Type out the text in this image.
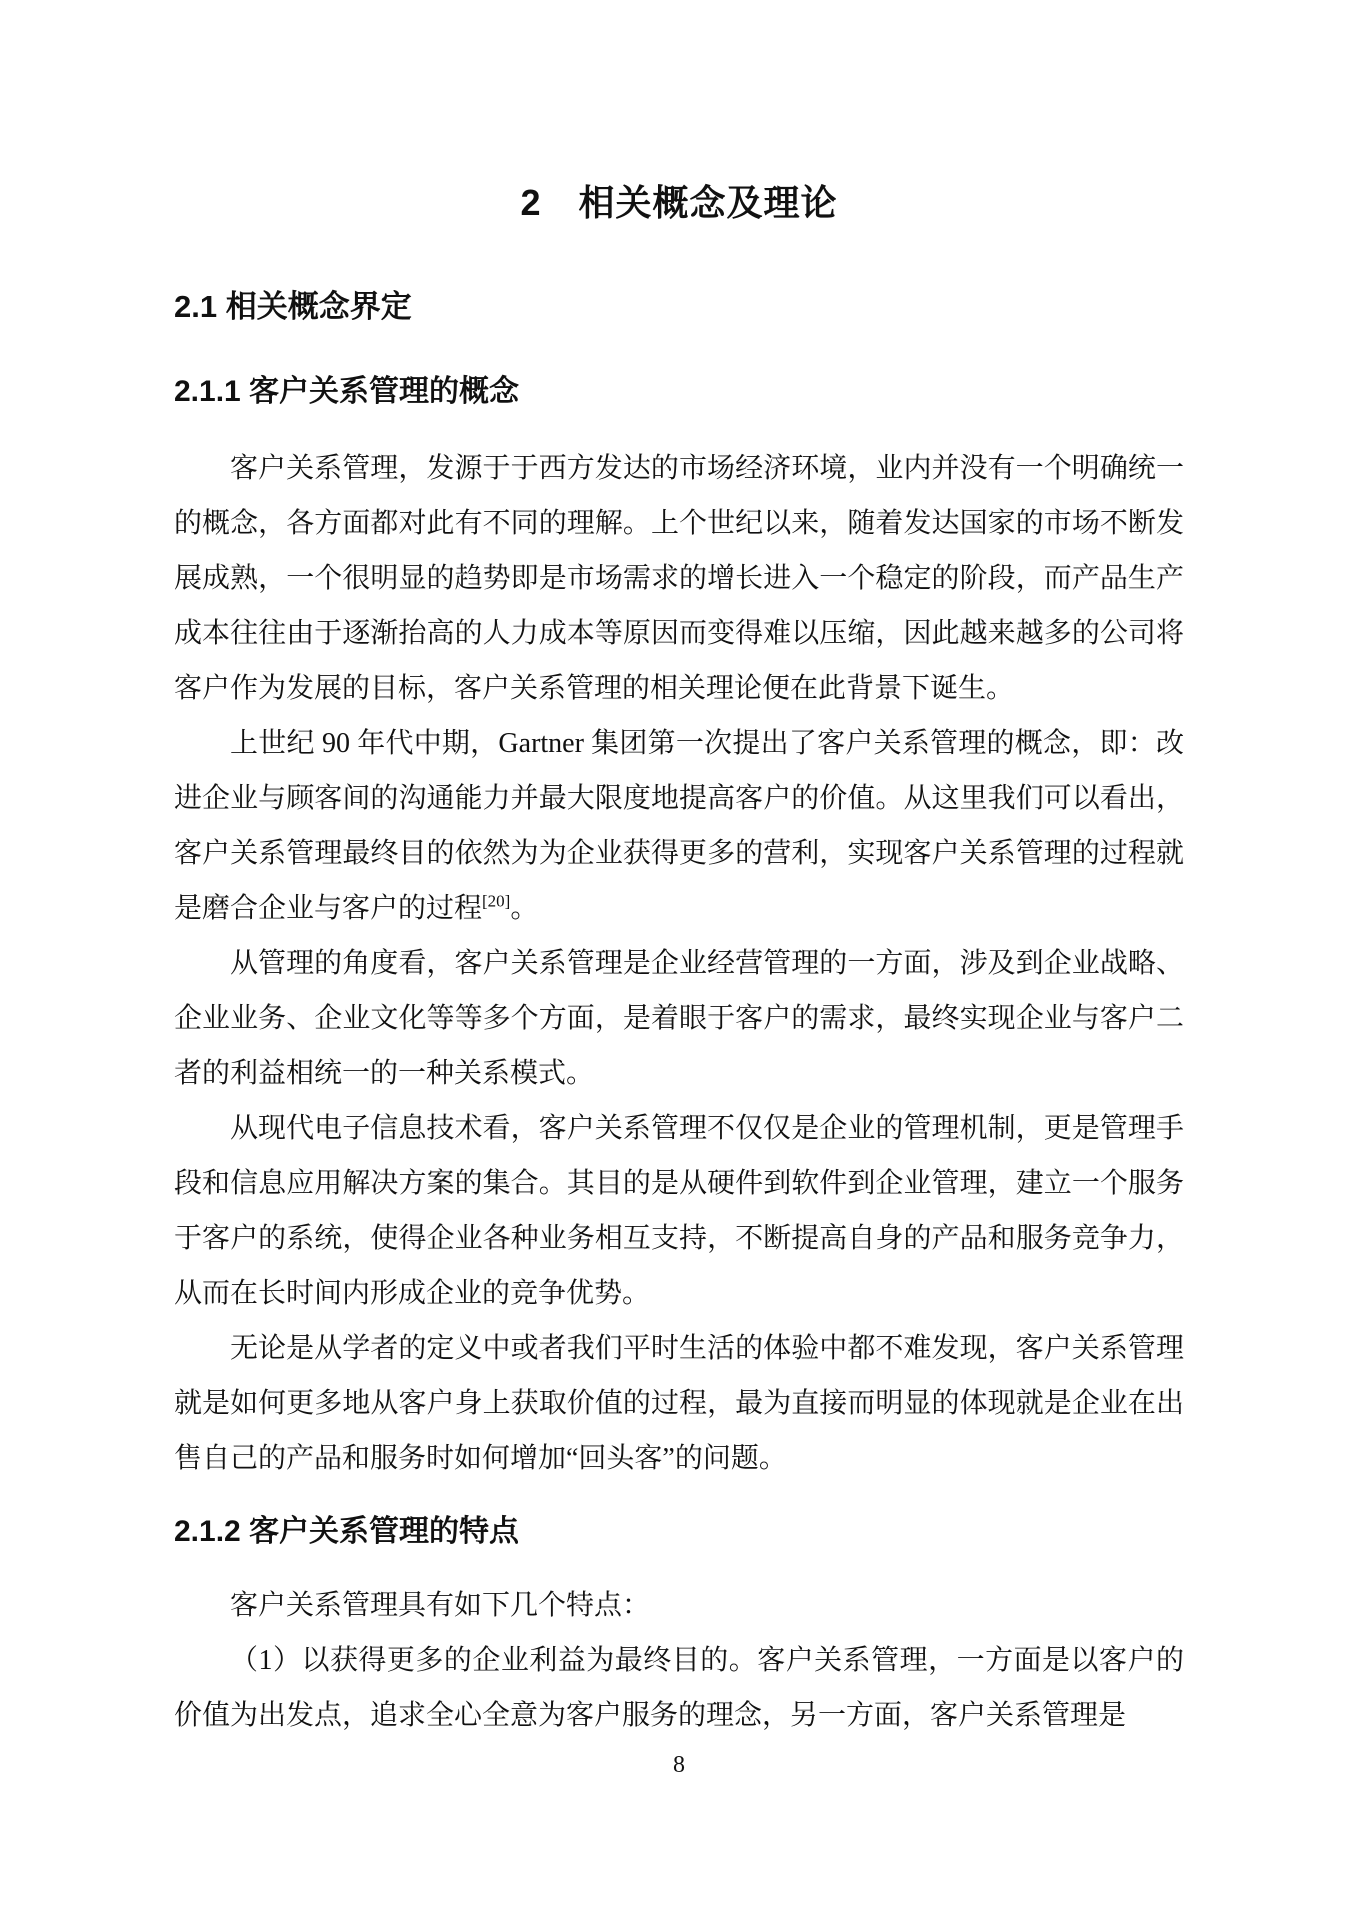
2　相关概念及理论
2.1 相关概念界定
2.1.1 客户关系管理的概念

客户关系管理，发源于于西方发达的市场经济环境，业内并没有一个明确统一的概念，各方面都对此有不同的理解。上个世纪以来，随着发达国家的市场不断发展成熟，一个很明显的趋势即是市场需求的增长进入一个稳定的阶段，而产品生产成本往往由于逐渐抬高的人力成本等原因而变得难以压缩，因此越来越多的公司将客户作为发展的目标，客户关系管理的相关理论便在此背景下诞生。

上世纪 90 年代中期，Gartner 集团第一次提出了客户关系管理的概念，即：改进企业与顾客间的沟通能力并最大限度地提高客户的价值。从这里我们可以看出，客户关系管理最终目的依然为为企业获得更多的营利，实现客户关系管理的过程就是磨合企业与客户的过程[20]。

从管理的角度看，客户关系管理是企业经营管理的一方面，涉及到企业战略、企业业务、企业文化等等多个方面，是着眼于客户的需求，最终实现企业与客户二者的利益相统一的一种关系模式。

从现代电子信息技术看，客户关系管理不仅仅是企业的管理机制，更是管理手段和信息应用解决方案的集合。其目的是从硬件到软件到企业管理，建立一个服务于客户的系统，使得企业各种业务相互支持，不断提高自身的产品和服务竞争力，从而在长时间内形成企业的竞争优势。

无论是从学者的定义中或者我们平时生活的体验中都不难发现，客户关系管理就是如何更多地从客户身上获取价值的过程，最为直接而明显的体现就是企业在出售自己的产品和服务时如何增加“回头客”的问题。

2.1.2 客户关系管理的特点

客户关系管理具有如下几个特点：

（1）以获得更多的企业利益为最终目的。客户关系管理，一方面是以客户的价值为出发点，追求全心全意为客户服务的理念，另一方面，客户关系管理是

8
